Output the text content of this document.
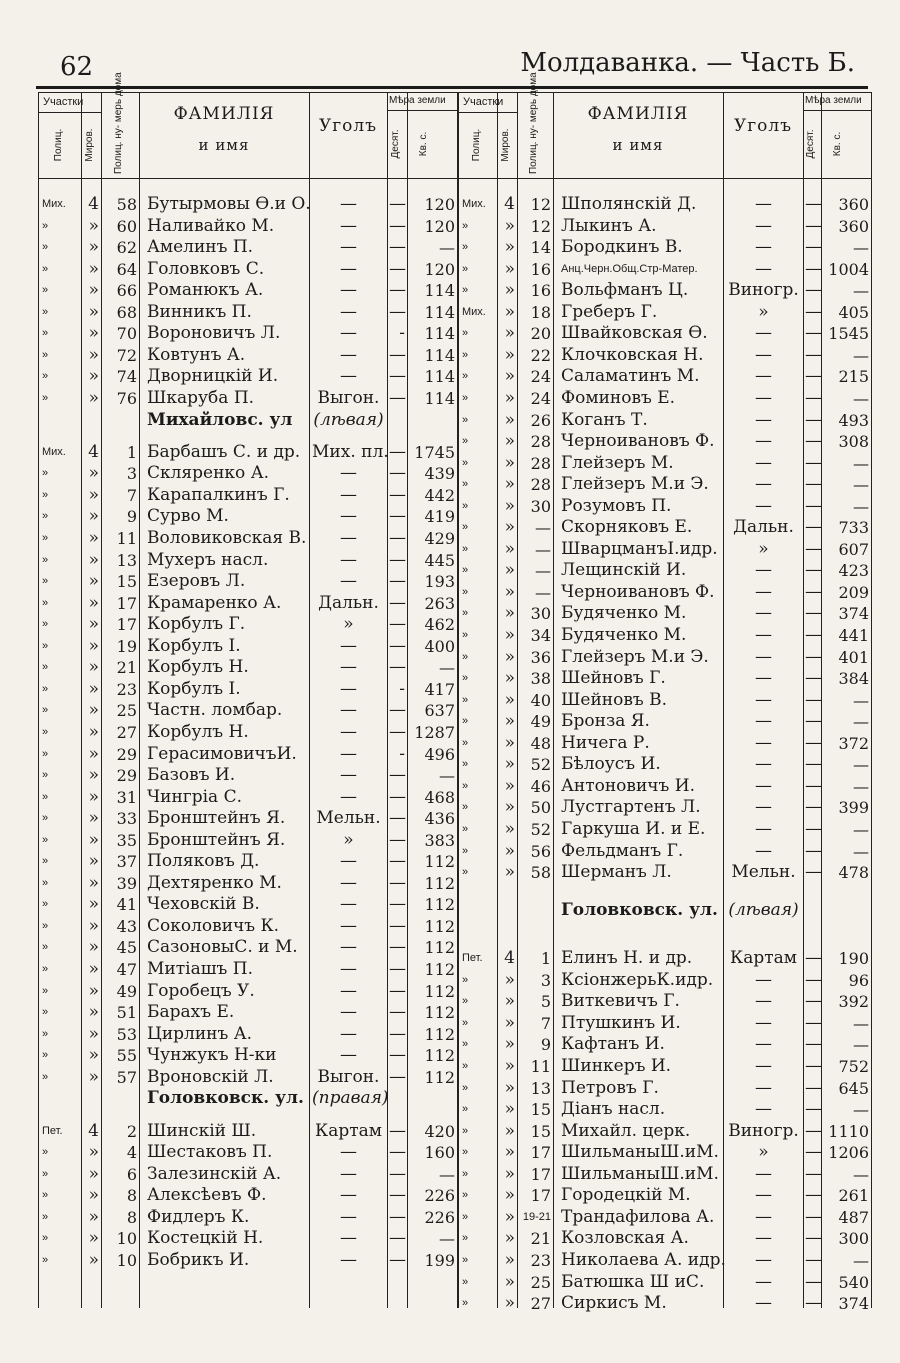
62	Молдаванка. — Часть Б.
Участки	Мѣра земли
Полиц. Миров. Полиц. ну- мерь дома	Десят. Кв. с.
ФАМИЛІЯ
и имя
Уголъ
Мих.	4	58 Бутырмовы Ѳ.и О.	—	—	120
»	»	60 Наливайко М.	—	—	120
»	»	62 Амелинъ П.	—	—	—
»	»	64 Головковъ С.	—	—	120
»	»	66 Романюкъ А.	—	—	114
»	»	68 Винникъ П.	—	—	114
»	»	70 Вороновичъ Л.	—	-	114
»	»	72 Ковтунъ А.	—	—	114
»	»	74 Дворницкій И.	—	—	114
»	»	76 Шкаруба П.	Выгон. —	114
Михайловс. ул	(лѣвая)
Мих.	4	1 Барбашъ С. и др. Мих. пл. — 1745
»	»	3 Скляренко А.	—	—	439
»	»	7 Карапалкинъ Г.	—	—	442
»	»	9 Сурво М.	—	—	419
»	»	11 Воловиковская В.	—	—	429
»	»	13 Мухеръ насл.	—	—	445
»	»	15 Езеровъ Л.	—	—	193
»	»	17 Крамаренко А.	Дальн. —	263
»	»	17 Корбулъ Г.	»	—	462
»	»	19 Корбулъ І.	—	—	400
»	»	21 Корбулъ Н.	—	—	—
»	»	23 Корбулъ І.	—	-	417
»	»	25 Частн. ломбар.	—	—	637
»	»	27 Корбулъ Н.	—	— 1287
»	»	29 ГерасимовичъИ.	—	-	496
»	»	29 Базовъ И.	—	—	—
»	»	31 Чингріа С.	—	—	468
»	»	33 Бронштейнъ Я.	Мельн. —	436
»	»	35 Бронштейнъ Я.	»	—	383
»	»	37 Поляковъ Д.	—	—	112
»	»	39 Дехтяренко М.	—	—	112
»	»	41 Чеховскій В.	—	—	112
»	»	43 Соколовичъ К.	—	—	112
»	»	45 СазоновыС. и М.	—	—	112
»	»	47 Митіашъ П.	—	—	112
»	»	49 Горобецъ У.	—	—	112
»	»	51 Барахъ Е.	—	—	112
»	»	53 Цирлинъ А.	—	—	112
»	»	55 Чунжукъ Н-ки	—	—	112
»	»	57 Вроновскій Л.	Выгон. —	112
Головковск. ул. (правая)
Пет.	4	2 Шинскій Ш.	Картам —	420
»	»	4 Шестаковъ П.	—	—	160
»	»	6 Залезинскій А.	—	—	—
»	»	8 Алексѣевъ Ф.	—	—	226
»	»	8 Фидлеръ К.	—	—	226
»	»	10 Костецкій Н.	—	—	—
»	»	10 Бобрикъ И.	—	—	199
Участки	Мѣра земли
Полиц. Миров. Полиц. ну- мерь дома	Десят. Кв. с.
ФАМИЛІЯ
и имя
Уголъ
Мих.	4 12 Шполянскій Д.	—	—	360
»	» 12 Лыкинъ А.	—	—	360
»	» 14 Бородкинъ В.	—	—	—
»	» 16 Анц.Черн.Общ.Стр-Матер.	—	— 1004
»	» 16 Вольфманъ Ц.	Виногр. —	—
Мих.	» 18 Греберъ Г.	»	—	405
»	» 20 Швайковская Ѳ.	—	— 1545
»	» 22 Клочковская Н.	—	—	—
»	» 24 Саламатинъ М.	—	—	215
»	» 24 Фоминовъ Е.	—	—	—
»	» 26 Коганъ Т.	—	—	493
»	» 28 Черноивановъ Ф.	—	—	308
»	» 28 Глейзеръ М.	—	—	—
»	» 28 Глейзеръ М.и Э.	—	—	—
»	» 30 Розумовъ П.	—	—	—
»	»	— Скорняковъ Е.	Дальн. —	733
»	»	— ШварцманъІ.идр.	»	—	607
»	»	— Лещинскій И.	—	—	423
»	»	— Черноивановъ Ф.	—	—	209
»	» 30 Будяченко М.	—	—	374
»	» 34 Будяченко М.	—	—	441
»	» 36 Глейзеръ М.и Э.	—	—	401
»	» 38 Шейновъ Г.	—	—	384
»	» 40 Шейновъ В.	—	—	—
»	» 49 Бронза Я.	—	—	—
»	» 48 Ничега Р.	—	—	372
»	» 52 Бѣлоусъ И.	—	—	—
»	» 46 Антоновичъ И.	—	—	—
»	» 50 Лустгартенъ Л.	—	—	399
»	» 52 Гаркуша И. и Е.	—	—	—
»	» 56 Фельдманъ Г.	—	—	—
»	» 58 Шерманъ Л.	Мельн. —	478
Головковск. ул. (лѣвая)
Пет.	4	1 Елинъ Н. и др.	Картам —	190
»	»	3 КсіонжерьК.идр.	—	—	96
»	»	5 Виткевичъ Г.	—	—	392
»	»	7 Птушкинъ И.	—	—	—
»	»	9 Кафтанъ И.	—	—	—
»	» 11 Шинкеръ И.	—	—	752
»	» 13 Петровъ Г.	—	—	645
»	» 15 Діанъ насл.	—	—	—
»	» 15 Михайл. церк.	Виногр. — 1110
»	» 17 ШильманыШ.иМ.	»	— 1206
»	» 17 ШильманыШ.иМ.	—	—	—
»	» 17 Городецкій М.	—	—	261
»	» 19-21 Трандафилова А.	—	—	487
»	» 21 Козловская А.	—	—	300
»	» 23 Николаева А. идр.	—	—	—
»	» 25 Батюшка Ш иС.	—	—	540
»	» 27 Сиркисъ М.	—	—	374
